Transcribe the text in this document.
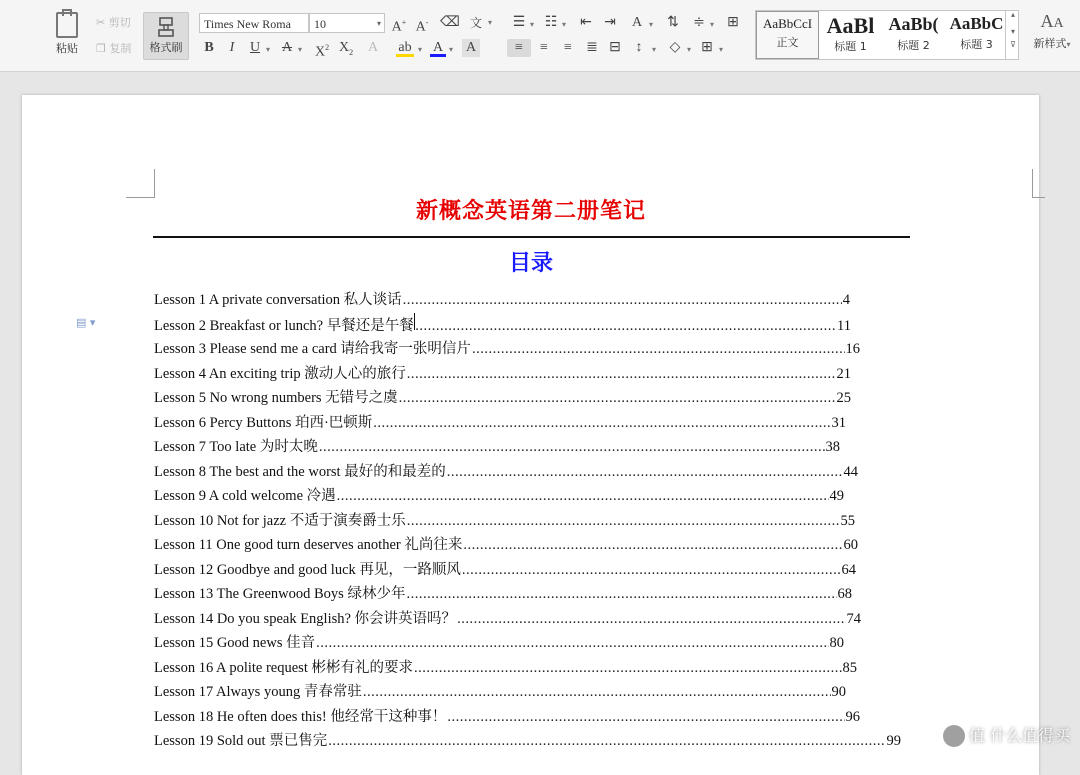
粘贴
✂ 剪切
❐ 复制	格式刷
Times New Roma	10	▾ A+ A- ⌫ 文 ▾
B	I	U ▾ A ▾ $X^2$ $X_2$ A ab ▾ A ▾ A
☰ ▾ ☷ ▾ ⇤ ⇥ A ▾ ⇅ ≑ ▾ ⊞
≡	≡	≡	≣ ⊟	↕	▾ ◇ ▾ ⊞ ▾
AaBbCcI
正文
AaBl
标题 1
AaBb(
标题 2
AaBbC
标题 3
▴
▾
⊽
AA
新样式▾
新概念英语第二册笔记
目录
Lesson 1 A private conversation 私人谈话 .....	4
Lesson 2 Breakfast or lunch? 早餐还是午餐 .....	11
Lesson 3 Please send me a card 请给我寄一张明信片 .....	16
Lesson 4 An exciting trip 激动人心的旅行 .....	21
Lesson 5 No wrong numbers 无错号之虞 .....	25
Lesson 6 Percy Buttons 珀西·巴顿斯 .....	31
Lesson 7 Too late 为时太晚 .....	38
Lesson 8 The best and the worst 最好的和最差的 .....	44
Lesson 9 A cold welcome 冷遇 .....	49
Lesson 10 Not for jazz 不适于演奏爵士乐 .....	55
Lesson 11 One good turn deserves another 礼尚往来 .....	60
Lesson 12 Goodbye and good luck 再见，一路顺风 .....	64
Lesson 13 The Greenwood Boys 绿林少年 .....	68
Lesson 14 Do you speak English? 你会讲英语吗？ .....	74
Lesson 15 Good news 佳音 .....	80
Lesson 16 A polite request 彬彬有礼的要求 .....	85
Lesson 17 Always young 青春常驻 .....	90
Lesson 18 He often does this! 他经常干这种事！ .....	96
Lesson 19 Sold out 票已售完 .....	99
▤ ▾
值 什么值得买
